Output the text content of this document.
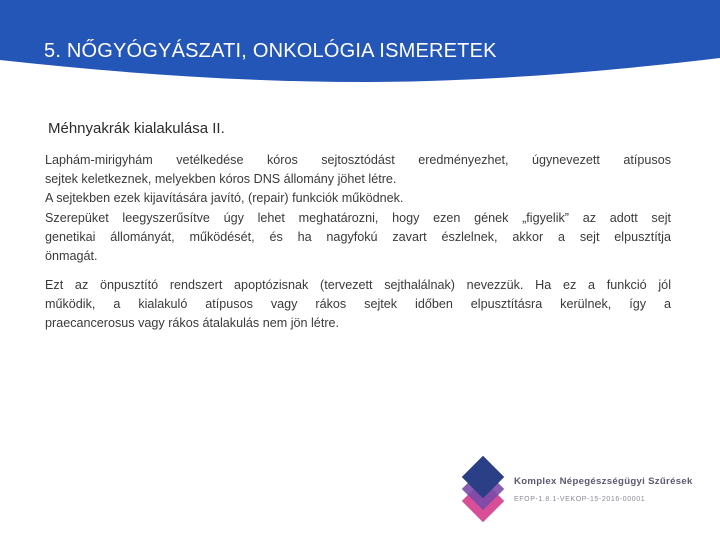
5. NŐGYÓGYÁSZATI, ONKOLÓGIA ISMERETEK
Méhnyakrák kialakulása II.
Laphám-mirigyhám vetélkedése kóros sejtosztódást eredményezhet, úgynevezett atípusos
sejtek keletkeznek, melyekben kóros DNS állomány jöhet létre.
A sejtekben ezek kijavítására javító, (repair) funkciók működnek.
Szerepüket leegyszerűsítve úgy lehet meghatározni, hogy ezen gének „figyelik” az adott sejt
genetikai állományát, működését, és ha nagyfokú zavart észlelnek, akkor a sejt elpusztítja
önmagát.
Ezt az önpusztító rendszert apoptózisnak (tervezett sejthalálnak) nevezzük. Ha ez a funkció jól
működik, a kialakuló atípusos vagy rákos sejtek időben elpusztításra kerülnek, így a
praecancerosus vagy rákos átalakulás nem jön létre.
Komplex Népegészségügyi Szűrések
EFOP-1.8.1-VEKOP-15-2016-00001
